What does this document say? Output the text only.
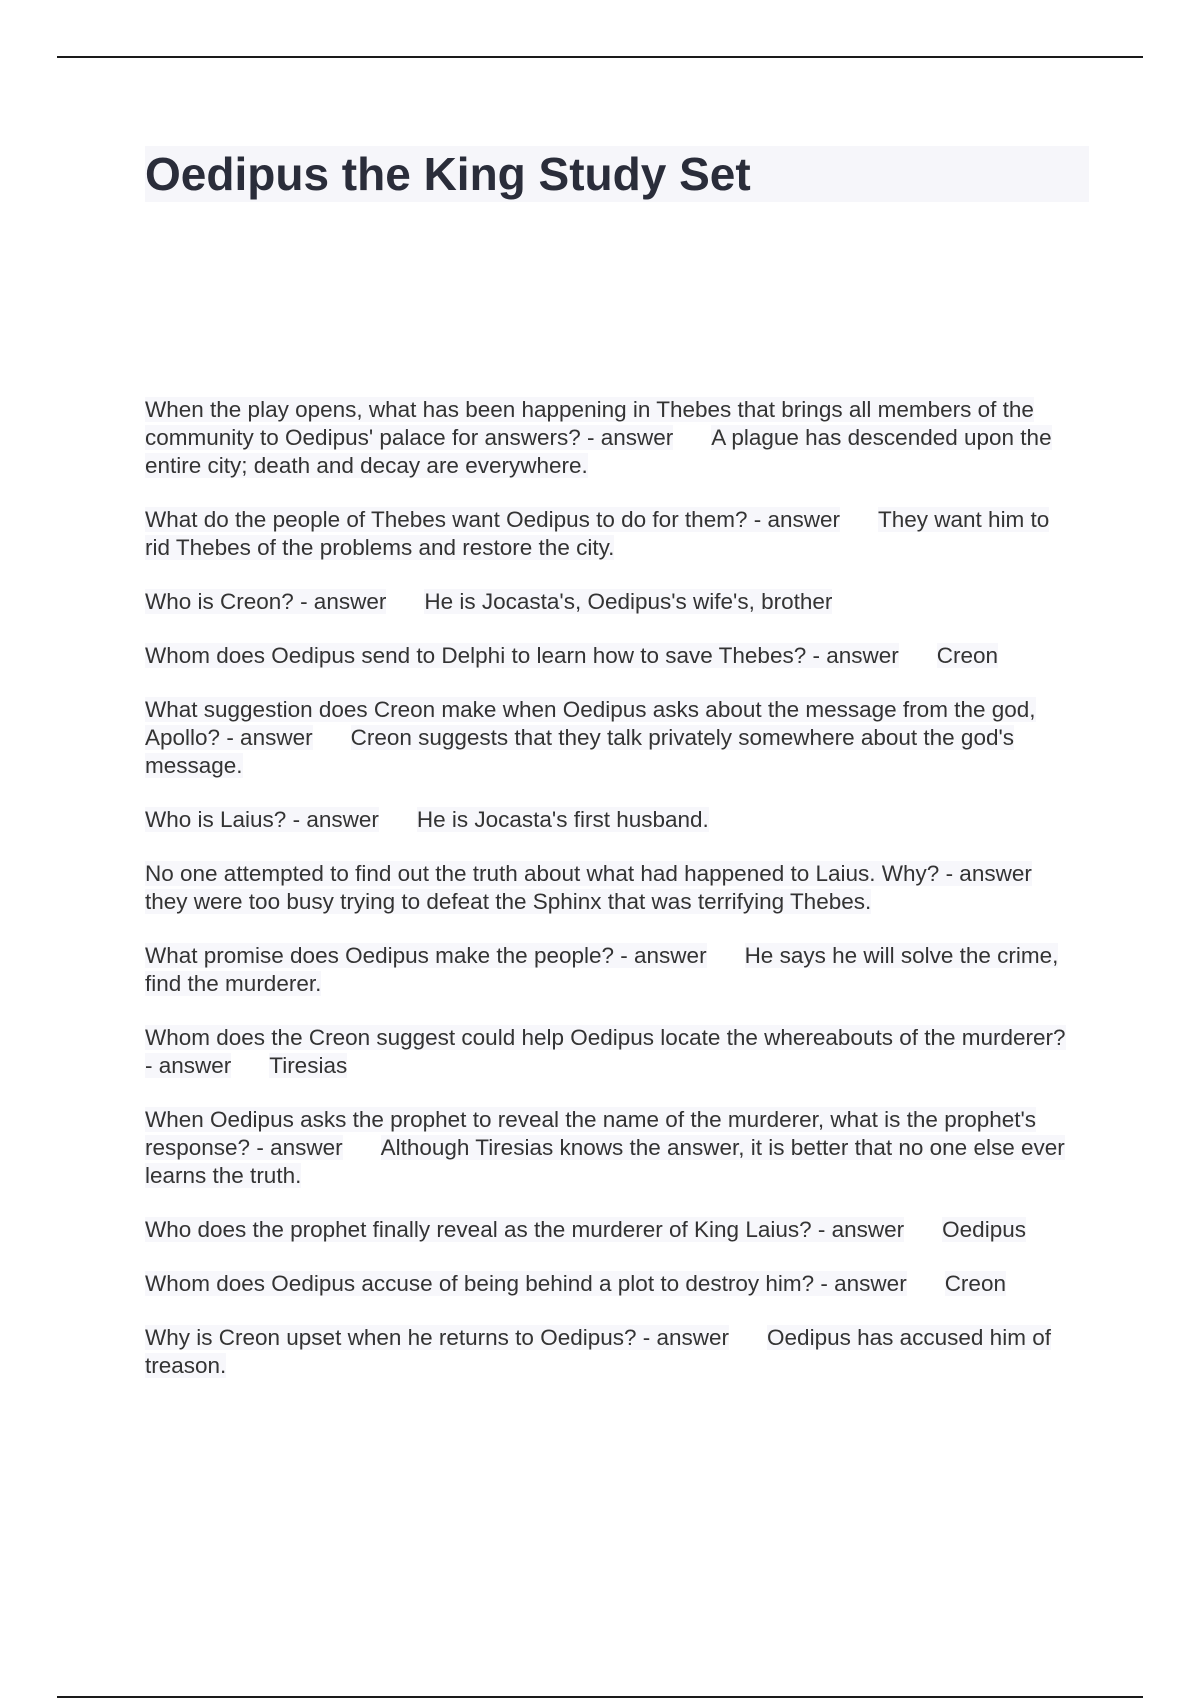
Oedipus the King Study Set

When the play opens, what has been happening in Thebes that brings all members of the community to Oedipus' palace for answers? - answer A plague has descended upon the entire city; death and decay are everywhere.

What do the people of Thebes want Oedipus to do for them? - answer They want him to rid Thebes of the problems and restore the city.

Who is Creon? - answer He is Jocasta's, Oedipus's wife's, brother

Whom does Oedipus send to Delphi to learn how to save Thebes? - answer Creon

What suggestion does Creon make when Oedipus asks about the message from the god, Apollo? - answer Creon suggests that they talk privately somewhere about the god's message.

Who is Laius? - answer He is Jocasta's first husband.

No one attempted to find out the truth about what had happened to Laius. Why? - answerthey were too busy trying to defeat the Sphinx that was terrifying Thebes.

What promise does Oedipus make the people? - answer He says he will solve the crime, find the murderer.

Whom does the Creon suggest could help Oedipus locate the whereabouts of the murderer? - answer Tiresias

When Oedipus asks the prophet to reveal the name of the murderer, what is the prophet's response? - answer Although Tiresias knows the answer, it is better that no one else ever learns the truth.

Who does the prophet finally reveal as the murderer of King Laius? - answer Oedipus

Whom does Oedipus accuse of being behind a plot to destroy him? - answer Creon

Why is Creon upset when he returns to Oedipus? - answer Oedipus has accused him of treason.
